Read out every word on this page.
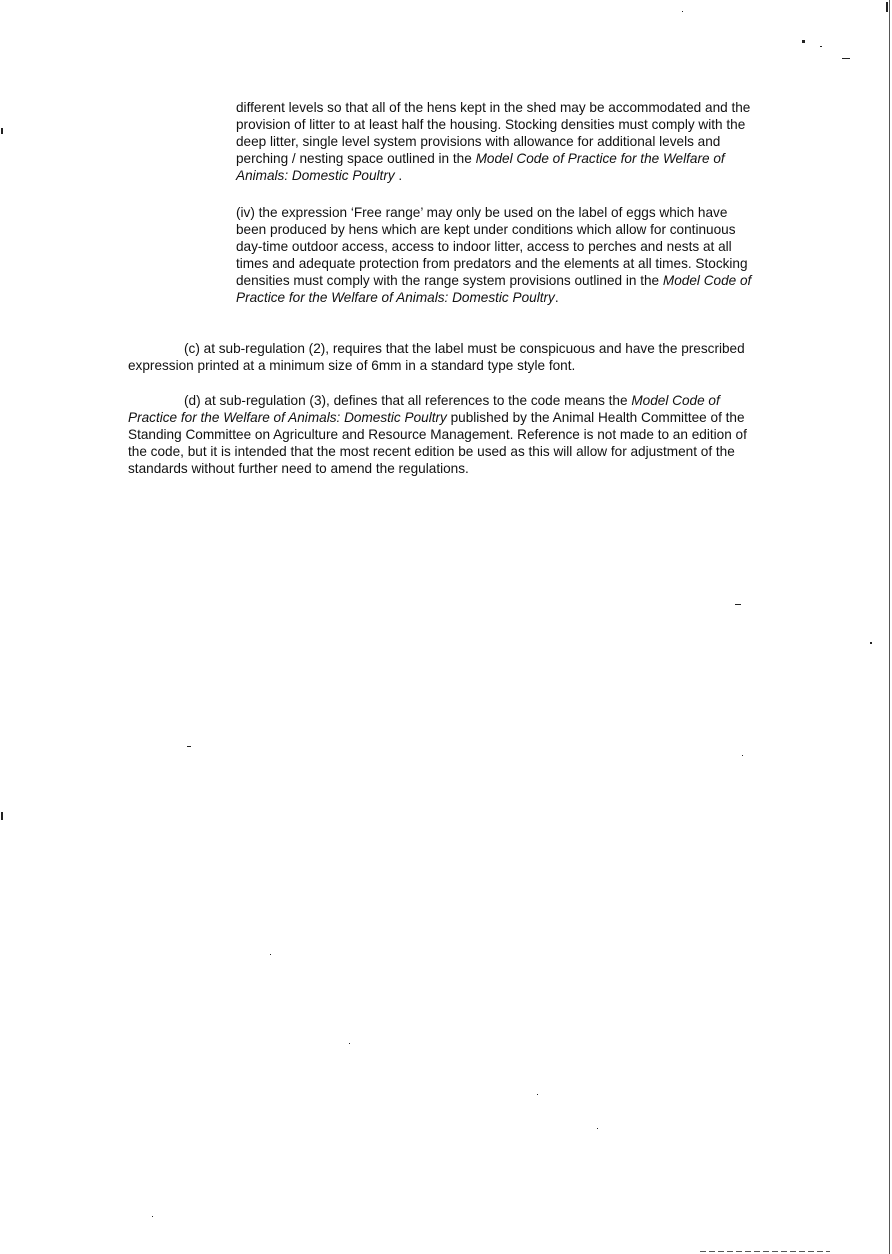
different levels so that all of the hens kept in the shed may be accommodated and the provision of litter to at least half the housing. Stocking densities must comply with the deep litter, single level system provisions with allowance for additional levels and perching / nesting space outlined in the Model Code of Practice for the Welfare of Animals: Domestic Poultry .

(iv) the expression ‘Free range’ may only be used on the label of eggs which have been produced by hens which are kept under conditions which allow for continuous day-time outdoor access, access to indoor litter, access to perches and nests at all times and adequate protection from predators and the elements at all times. Stocking densities must comply with the range system provisions outlined in the Model Code of Practice for the Welfare of Animals: Domestic Poultry.

(c) at sub-regulation (2), requires that the label must be conspicuous and have the prescribed expression printed at a minimum size of 6mm in a standard type style font.

(d) at sub-regulation (3), defines that all references to the code means the Model Code of Practice for the Welfare of Animals: Domestic Poultry published by the Animal Health Committee of the Standing Committee on Agriculture and Resource Management. Reference is not made to an edition of the code, but it is intended that the most recent edition be used as this will allow for adjustment of the standards without further need to amend the regulations.
